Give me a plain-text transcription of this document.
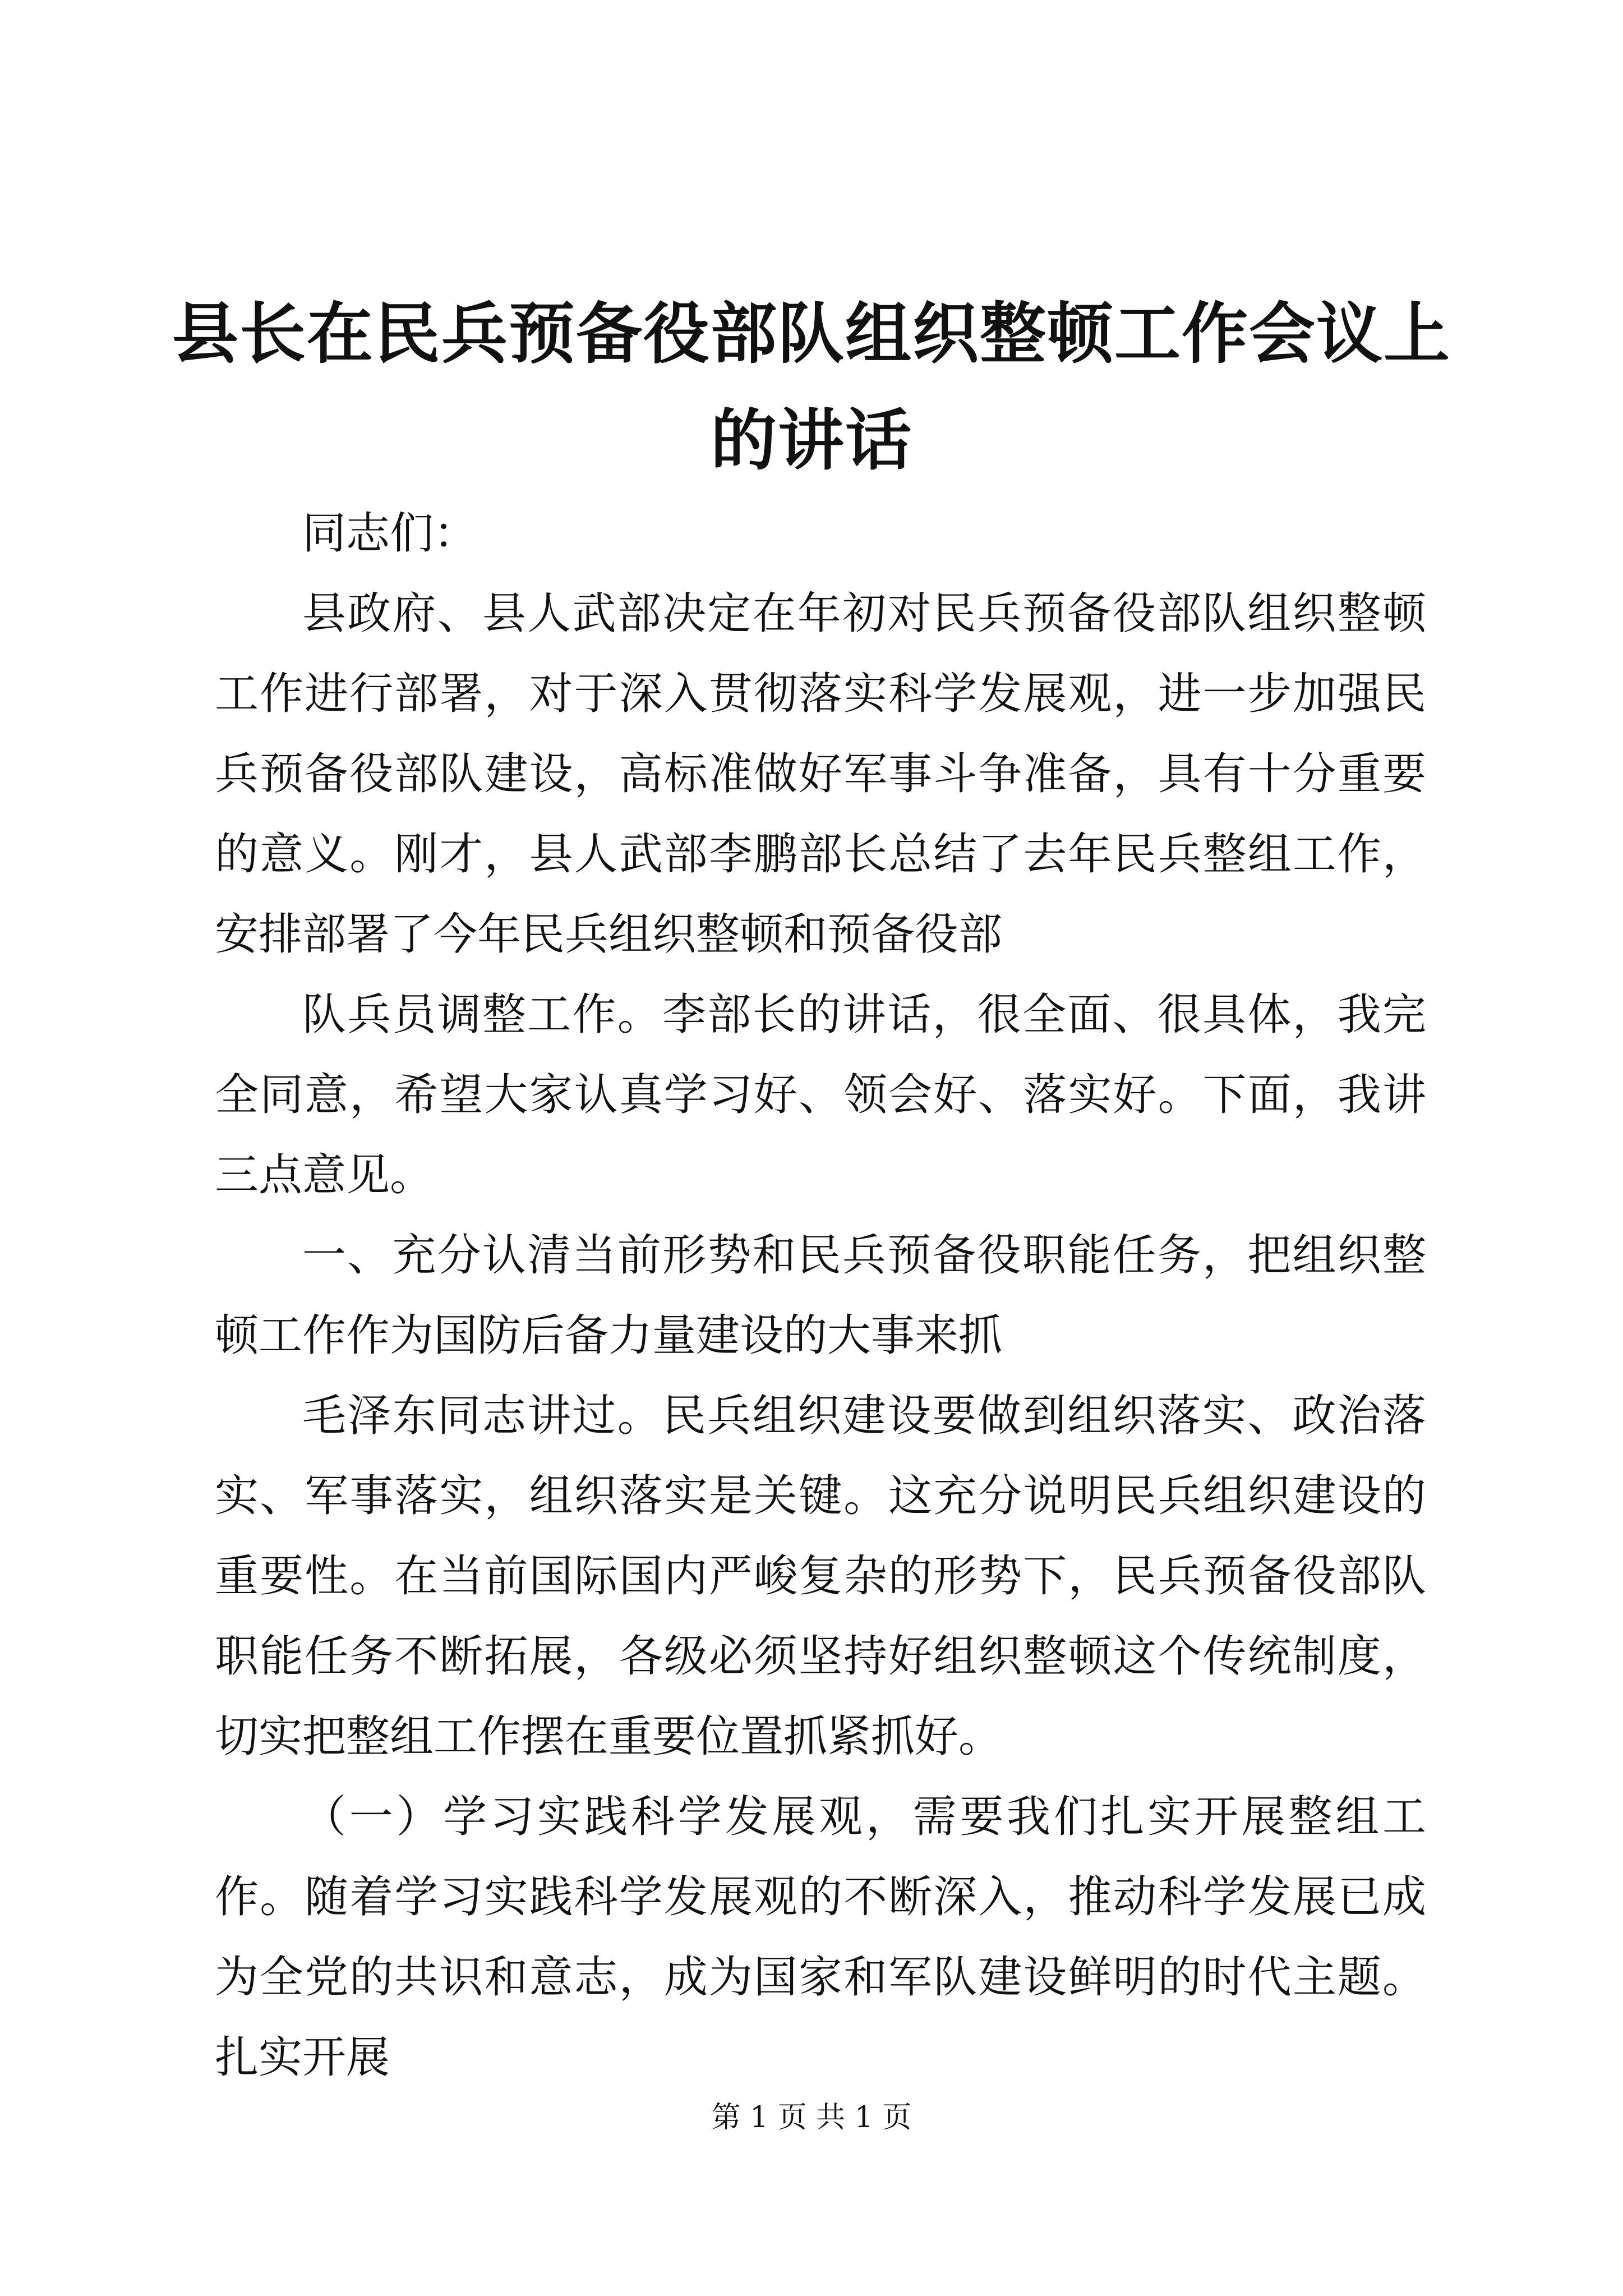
县长在民兵预备役部队组织整顿工作会议上的讲话

同志们：

县政府、县人武部决定在年初对民兵预备役部队组织整顿工作进行部署，对于深入贯彻落实科学发展观，进一步加强民兵预备役部队建设，高标准做好军事斗争准备，具有十分重要的意义。刚才，县人武部李鹏部长总结了去年民兵整组工作，安排部署了今年民兵组织整顿和预备役部

队兵员调整工作。李部长的讲话，很全面、很具体，我完全同意，希望大家认真学习好、领会好、落实好。下面，我讲三点意见。

一、充分认清当前形势和民兵预备役职能任务，把组织整顿工作作为国防后备力量建设的大事来抓

毛泽东同志讲过。民兵组织建设要做到组织落实、政治落实、军事落实，组织落实是关键。这充分说明民兵组织建设的重要性。在当前国际国内严峻复杂的形势下，民兵预备役部队职能任务不断拓展，各级必须坚持好组织整顿这个传统制度，切实把整组工作摆在重要位置抓紧抓好。

（一）学习实践科学发展观，需要我们扎实开展整组工作。随着学习实践科学发展观的不断深入，推动科学发展已成为全党的共识和意志，成为国家和军队建设鲜明的时代主题。扎实开展

第 1 页 共 1 页
